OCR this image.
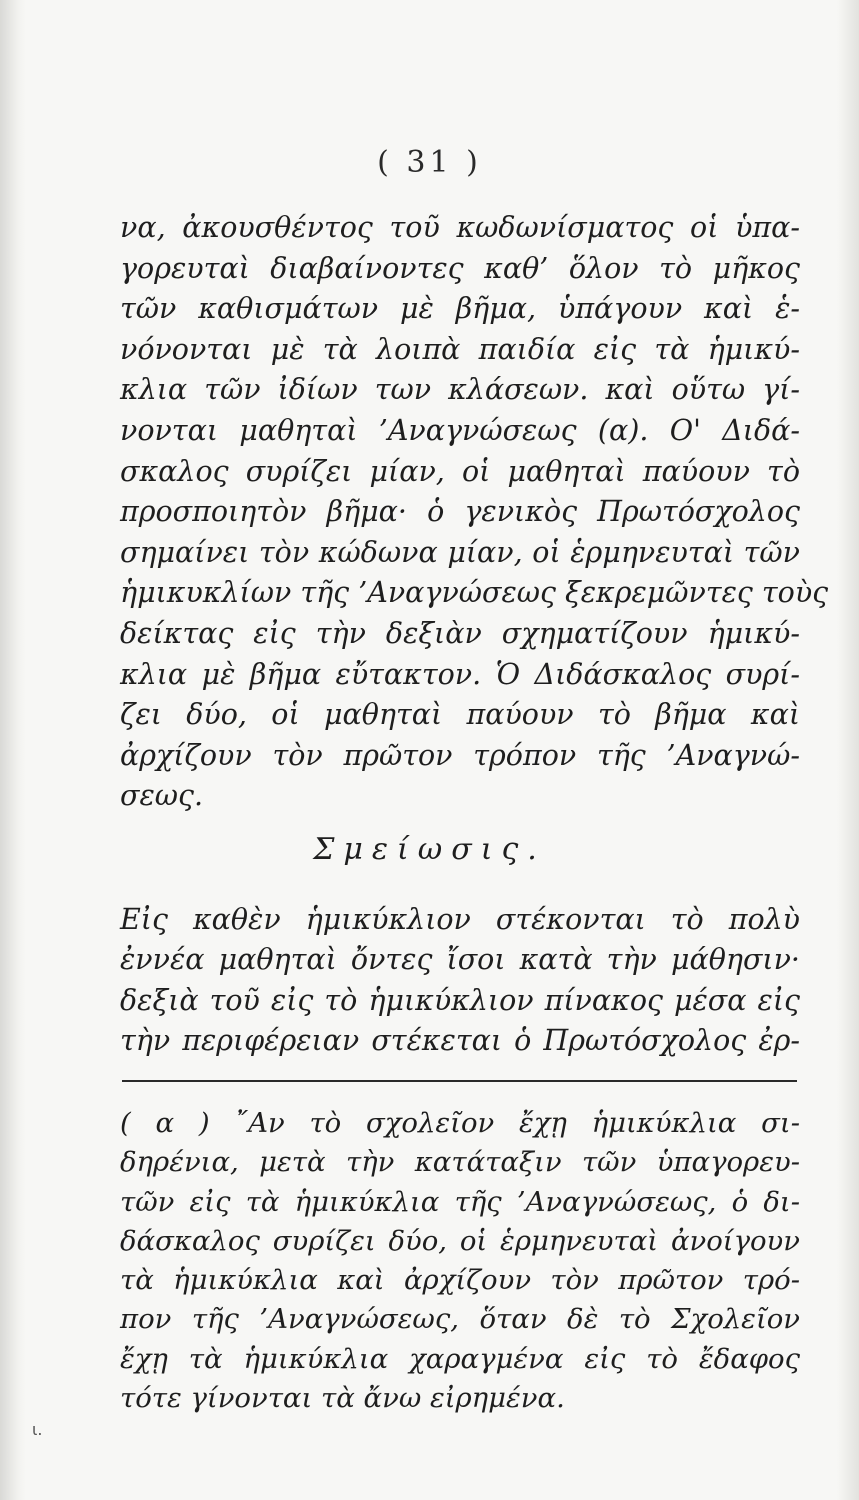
( 31 )
να, ἀκουσθέντος τοῦ κωδωνίσματος οἱ ὑπα-
γορευταὶ διαβαίνοντες καθ’ ὅλον τὸ μῆκος
τῶν καθισμάτων μὲ βῆμα, ὑπάγουν καὶ ἑ-
νόνονται μὲ τὰ λοιπὰ παιδία εἰς τὰ ἡμικύ-
κλια τῶν ἰδίων των κλάσεων. καὶ οὕτω γί-
νονται μαθηταὶ ’Αναγνώσεως (α). Ο' Διδά-
σκαλος συρίζει μίαν, οἱ μαθηταὶ παύουν τὸ
προσποιητὸν βῆμα· ὁ γενικὸς Πρωτόσχολος
σημαίνει τὸν κώδωνα μίαν, οἱ ἑρμηνευταὶ τῶν
ἡμικυκλίων τῆς ’Αναγνώσεως ξεκρεμῶντες τοὺς
δείκτας εἰς τὴν δεξιὰν σχηματίζουν ἡμικύ-
κλια μὲ βῆμα εὔτακτον. Ὁ Διδάσκαλος συρί-
ζει δύο, οἱ μαθηταὶ παύουν τὸ βῆμα καὶ
ἀρχίζουν τὸν πρῶτον τρόπον τῆς ’Αναγνώ-
σεως.
Σμείωσις.
Εἰς καθὲν ἡμικύκλιον στέκονται τὸ πολὺ
ἐννέα μαθηταὶ ὄντες ἴσοι κατὰ τὴν μάθησιν·
δεξιὰ τοῦ εἰς τὸ ἡμικύκλιον πίνακος μέσα εἰς
τὴν περιφέρειαν στέκεται ὁ Πρωτόσχολος ἐρ-
( α ) ῎Αν τὸ σχολεῖον ἔχῃ ἡμικύκλια σι-
δηρένια, μετὰ τὴν κατάταξιν τῶν ὑπαγορευ-
τῶν εἰς τὰ ἡμικύκλια τῆς ’Αναγνώσεως, ὁ δι-
δάσκαλος συρίζει δύο, οἱ ἑρμηνευταὶ ἀνοίγουν
τὰ ἡμικύκλια καὶ ἀρχίζουν τὸν πρῶτον τρό-
πον τῆς ’Αναγνώσεως, ὅταν δὲ τὸ Σχολεῖον
ἔχῃ τὰ ἡμικύκλια χαραγμένα εἰς τὸ ἔδαφος
τότε γίνονται τὰ ἄνω εἰρημένα.
ι.
